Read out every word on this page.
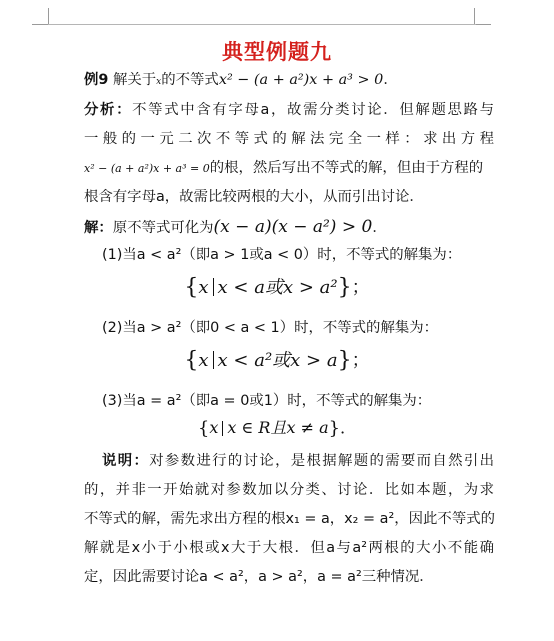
典型例题九
例9 解关于x的不等式x² − (a + a²)x + a³ > 0．
分析：不等式中含有字母a，故需分类讨论．但解题思路与
一般的一元二次不等式的解法完全一样：求出方程
x² − (a + a²)x + a³ = 0的根，然后写出不等式的解，但由于方程的
根含有字母a，故需比较两根的大小，从而引出讨论．
解：原不等式可化为(x − a)(x − a²) > 0．
(1)当a < a²（即a > 1或a < 0）时，不等式的解集为：
{x x < a或x > a²}；
(2)当a > a²（即0 < a < 1）时，不等式的解集为：
{x x < a²或x > a}；
(3)当a = a²（即a = 0或1）时，不等式的解集为：
{x x ∈ R且x ≠ a}．
说明：对参数进行的讨论，是根据解题的需要而自然引出
的，并非一开始就对参数加以分类、讨论．比如本题，为求
不等式的解，需先求出方程的根x₁ = a，x₂ = a²，因此不等式的
解就是x小于小根或x大于大根．但a与a²两根的大小不能确
定，因此需要讨论a < a²，a > a²，a = a²三种情况．
